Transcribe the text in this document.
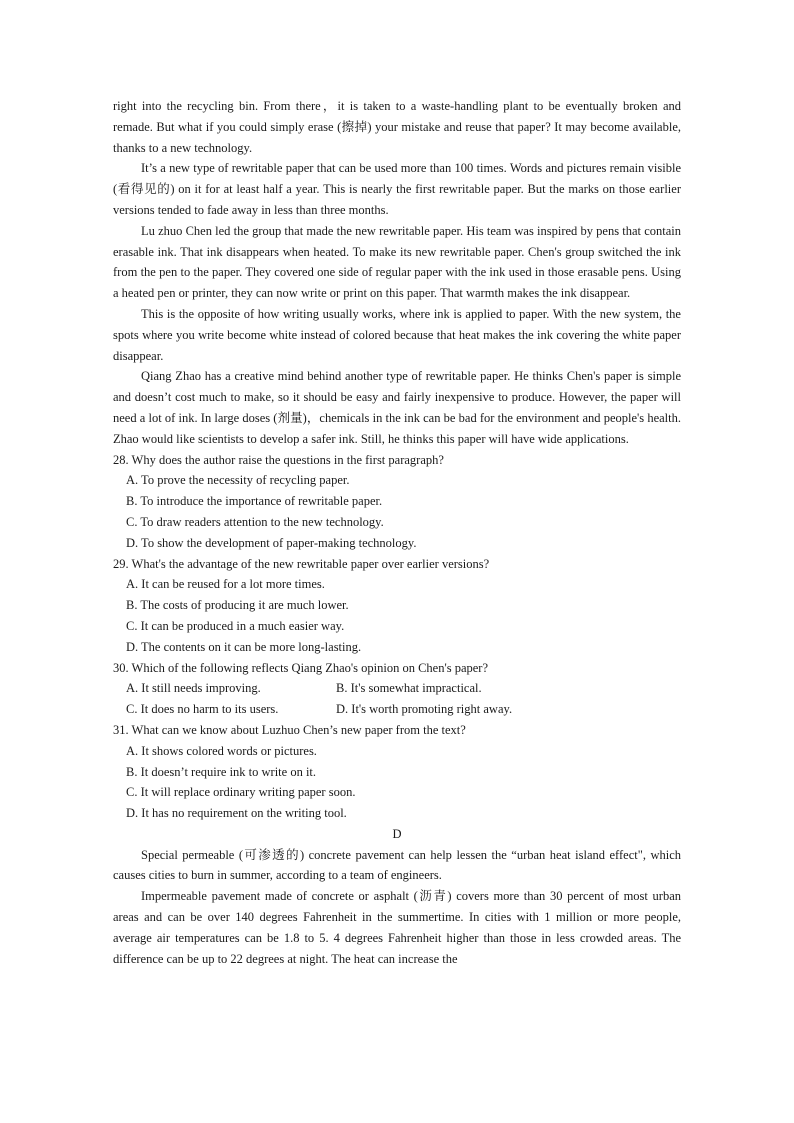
right into the recycling bin. From there，it is taken to a waste-handling plant to be eventually broken and remade. But what if you could simply erase (擦掉) your mistake and reuse that paper? It may become available, thanks to a new technology.

It’s a new type of rewritable paper that can be used more than 100 times. Words and pictures remain visible (看得见的) on it for at least half a year. This is nearly the first rewritable paper. But the marks on those earlier versions tended to fade away in less than three months.

Lu zhuo Chen led the group that made the new rewritable paper. His team was inspired by pens that contain erasable ink. That ink disappears when heated. To make its new rewritable paper. Chen's group switched the ink from the pen to the paper. They covered one side of regular paper with the ink used in those erasable pens. Using a heated pen or printer, they can now write or print on this paper. That warmth makes the ink disappear.

This is the opposite of how writing usually works, where ink is applied to paper. With the new system, the spots where you write become white instead of colored because that heat makes the ink covering the white paper disappear.

Qiang Zhao has a creative mind behind another type of rewritable paper. He thinks Chen's paper is simple and doesn’t cost much to make, so it should be easy and fairly inexpensive to produce. However, the paper will need a lot of ink. In large doses (剂量)，chemicals in the ink can be bad for the environment and people's health. Zhao would like scientists to develop a safer ink. Still, he thinks this paper will have wide applications.

28. Why does the author raise the questions in the first paragraph?

A. To prove the necessity of recycling paper.

B. To introduce the importance of rewritable paper.

C. To draw readers attention to the new technology.

D. To show the development of paper-making technology.

29. What's the advantage of the new rewritable paper over earlier versions?

A. It can be reused for a lot more times.

B. The costs of producing it are much lower.

C. It can be produced in a much easier way.

D. The contents on it can be more long-lasting.

30. Which of the following reflects Qiang Zhao's opinion on Chen's paper?

A. It still needs improving.	B. It's somewhat impractical.

C. It does no harm to its users.	D. It's worth promoting right away.

31. What can we know about Luzhuo Chen’s new paper from the text?

A. It shows colored words or pictures.

B. It doesn’t require ink to write on it.

C. It will replace ordinary writing paper soon.

D. It has no requirement on the writing tool.

D

Special permeable (可渗透的) concrete pavement can help lessen the “urban heat island effect", which causes cities to burn in summer, according to a team of engineers.

Impermeable pavement made of concrete or asphalt (沥青) covers more than 30 percent of most urban areas and can be over 140 degrees Fahrenheit in the summertime. In cities with 1 million or more people, average air temperatures can be 1.8 to 5. 4 degrees Fahrenheit higher than those in less crowded areas. The difference can be up to 22 degrees at night. The heat can increase the
